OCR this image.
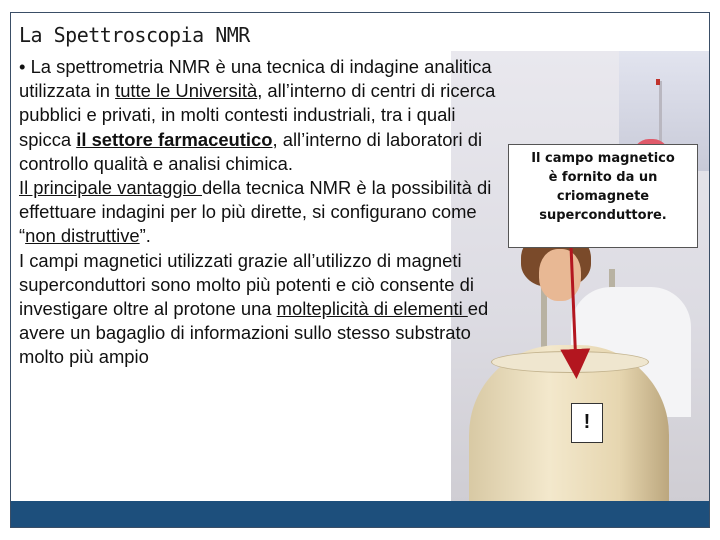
La Spettroscopia NMR
!
Il campo magnetico
è fornito da un
criomagnete
superconduttore.
• La spettrometria NMR è una tecnica di indagine analitica utilizzata in tutte le Università, all’interno di centri di ricerca pubblici e privati, in molti contesti industriali, tra i quali spicca il settore farmaceutico, all’interno di laboratori di controllo qualità e analisi chimica.
Il principale vantaggio della tecnica NMR è la possibilità di effettuare indagini per lo più dirette, si configurano come “non distruttive”.
I campi magnetici utilizzati grazie all’utilizzo di magneti superconduttori sono molto più potenti e ciò consente di investigare oltre al protone una molteplicità di elementi ed avere un bagaglio di informazioni sullo stesso substrato molto più ampio
